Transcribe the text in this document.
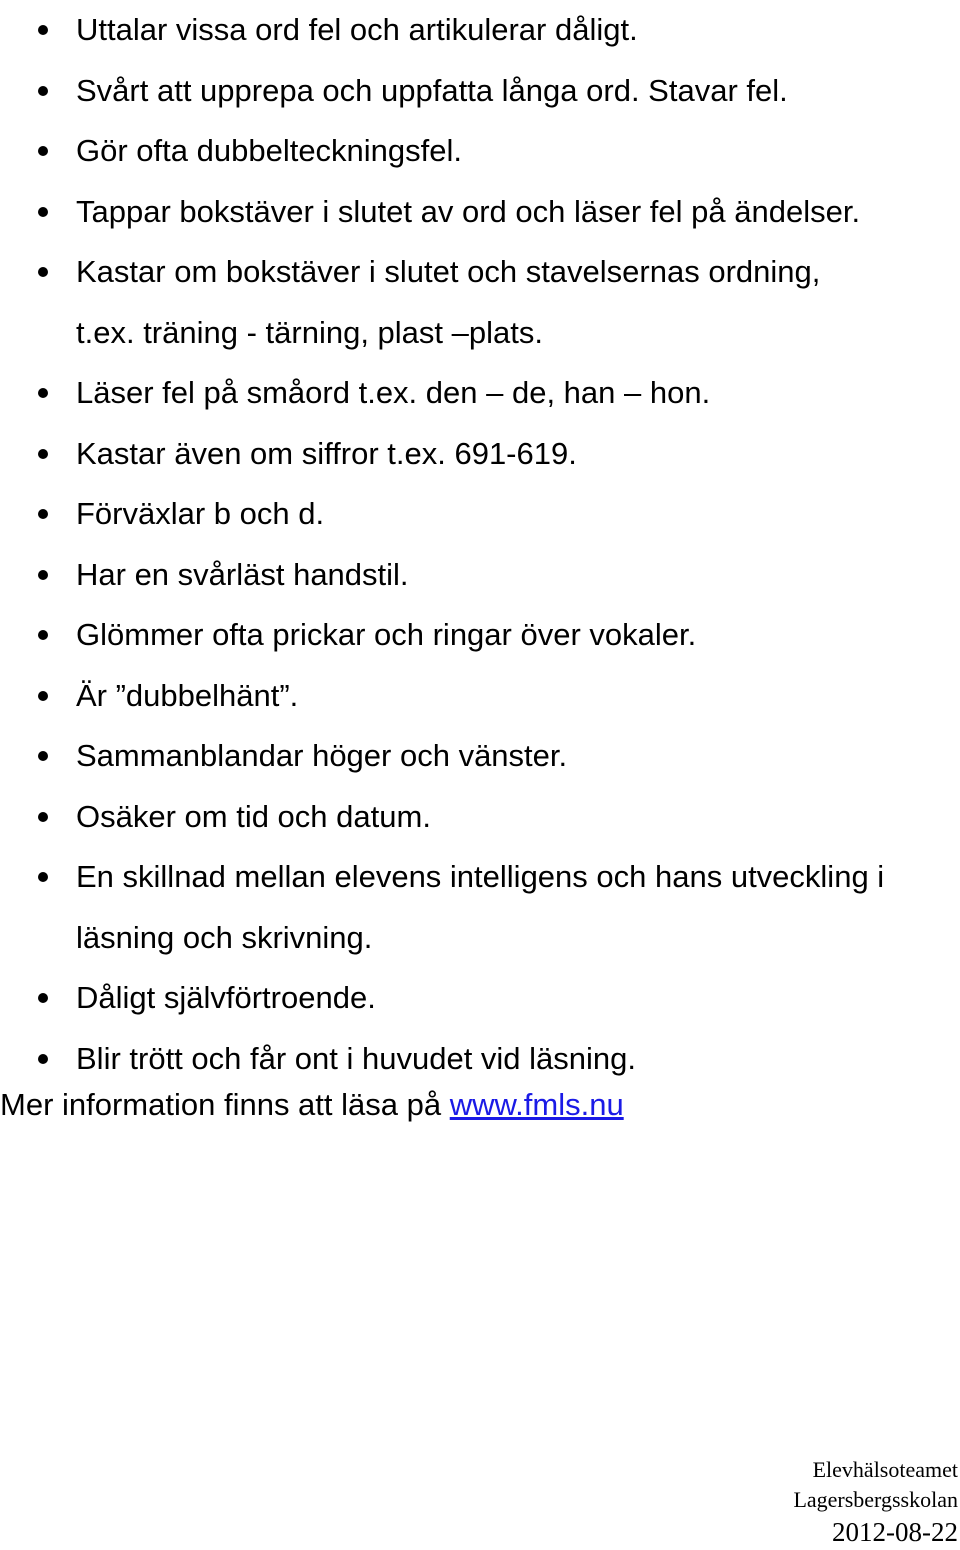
Uttalar vissa ord fel och artikulerar dåligt.
Svårt att upprepa och uppfatta långa ord. Stavar fel.
Gör ofta dubbelteckningsfel.
Tappar bokstäver i slutet av ord och läser fel på ändelser.
Kastar om bokstäver i slutet och stavelsernas ordning,
t.ex. träning - tärning, plast –plats.
Läser fel på småord t.ex. den – de, han – hon.
Kastar även om siffror t.ex. 691-619.
Förväxlar b och d.
Har en svårläst handstil.
Glömmer ofta prickar och ringar över vokaler.
Är ”dubbelhänt”.
Sammanblandar höger och vänster.
Osäker om tid och datum.
En skillnad mellan elevens intelligens och hans utveckling i
läsning och skrivning.
Dåligt självförtroende.
Blir trött och får ont i huvudet vid läsning.
Mer information finns att läsa på www.fmls.nu
Elevhälsoteamet
Lagersbergsskolan
2012-08-22
